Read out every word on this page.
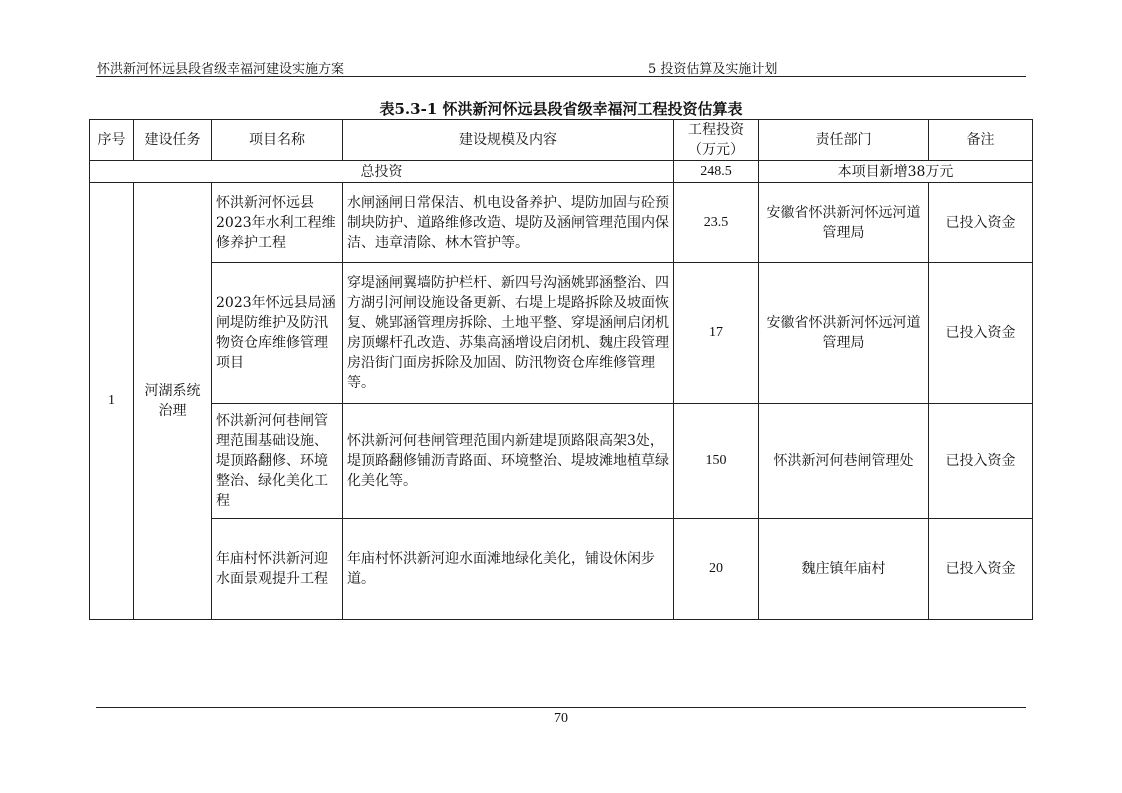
怀洪新河怀远县段省级幸福河建设实施方案	5 投资估算及实施计划
表5.3-1 怀洪新河怀远县段省级幸福河工程投资估算表
序号	建设任务	项目名称	建设规模及内容	工程投资（万元）	责任部门	备注
总投资				248.5	本项目新增38万元	
1	河湖系统治理	怀洪新河怀远县2023年水利工程维修养护工程	水闸涵闸日常保洁、机电设备养护、堤防加固与砼预制块防护、道路维修改造、堤防及涵闸管理范围内保洁、违章清除、林木管护等。	23.5	安徽省怀洪新河怀远河道管理局	已投入资金
		2023年怀远县局涵闸堤防维护及防汛物资仓库维修管理项目	穿堤涵闸翼墙防护栏杆、新四号沟涵姚郢涵整治、四方湖引河闸设施设备更新、右堤上堤路拆除及坡面恢复、姚郢涵管理房拆除、土地平整、穿堤涵闸启闭机房顶螺杆孔改造、苏集高涵增设启闭机、魏庄段管理房沿街门面房拆除及加固、防汛物资仓库维修管理等。	17	安徽省怀洪新河怀远河道管理局	已投入资金
		怀洪新河何巷闸管理范围基础设施、堤顶路翻修、环境整治、绿化美化工程	怀洪新河何巷闸管理范围内新建堤顶路限高架3处，堤顶路翻修铺沥青路面、环境整治、堤坡滩地植草绿化美化等。	150	怀洪新河何巷闸管理处	已投入资金
		年庙村怀洪新河迎水面景观提升工程	年庙村怀洪新河迎水面滩地绿化美化，铺设休闲步道。	20	魏庄镇年庙村	已投入资金
70
